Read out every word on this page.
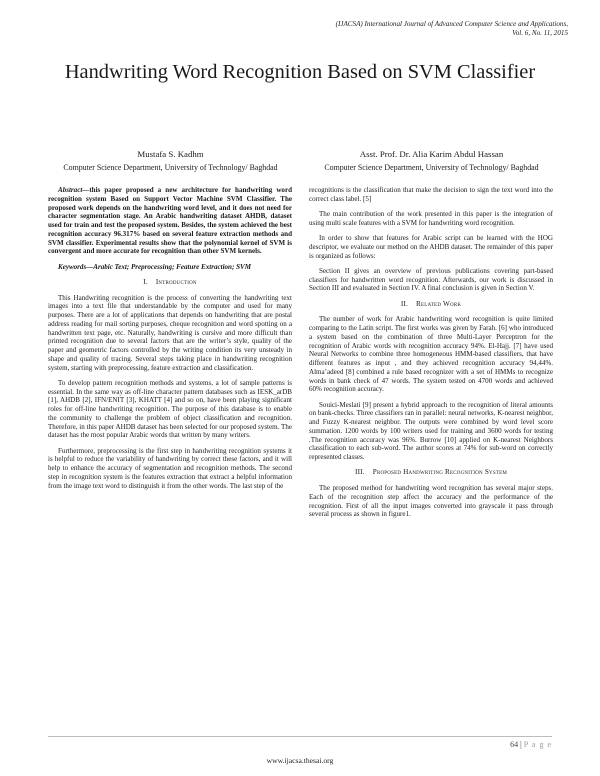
(IJACSA) International Journal of Advanced Computer Science and Applications,
Vol. 6, No. 11, 2015
Handwriting Word Recognition Based on SVM Classifier
Mustafa S. Kadhm
Computer Science Department, University of Technology/ Baghdad
Asst. Prof. Dr. Alia Karim Abdul Hassan
Computer Science Department, University of Technology/ Baghdad

Abstract—this paper proposed a new architecture for handwriting word recognition system Based on Support Vector Machine SVM Classifier. The proposed work depends on the handwriting word level, and it does not need for character segmentation stage. An Arabic handwriting dataset AHDB, dataset used for train and test the proposed system. Besides, the system achieved the best recognition accuracy 96.317% based on several feature extraction methods and SVM classifier. Experimental results show that the polynomial kernel of SVM is convergent and more accurate for recognition than other SVM kernels.

Keywords—Arabic Text; Preprocessing; Feature Extraction; SVM

I. Introduction

This Handwriting recognition is the process of converting the handwriting text images into a text file that understandable by the computer and used for many purposes. There are a lot of applications that depends on handwriting that are postal address reading for mail sorting purposes, cheque recognition and word spotting on a handwritten text page, etc. Naturally, handwriting is cursive and more difficult than printed recognition due to several factors that are the writer’s style, quality of the paper and geometric factors controlled by the writing condition its very unsteady in shape and quality of tracing. Several steps taking place in handwriting recognition system, starting with preprocessing, feature extraction and classification.

To develop pattern recognition methods and systems, a lot of sample patterns is essential. In the same way as off-line character pattern databases such as IESK_arDB [1], AHDB [2], IFN/ENIT [3], KHATT [4] and so on, have been playing significant roles for off-line handwriting recognition. The purpose of this database is to enable the community to challenge the problem of object classification and recognition. Therefore, in this paper AHDB dataset has been selected for our proposed system. The dataset has the most popular Arabic words that written by many writers.

Furthermore, preprocessing is the first step in handwriting recognition systems it is helpful to reduce the variability of handwriting by correct these factors, and it will help to enhance the accuracy of segmentation and recognition methods. The second step in recognition system is the features extraction that extract a helpful information from the image text word to distinguish it from the other words. The last step of the

recognitions is the classification that make the decision to sign the text word into the correct class label. [5]

The main contribution of the work presented in this paper is the integration of using multi scale features with a SVM for handwriting word recognition.

In order to show that features for Arabic script can be learned with the HOG descriptor, we evaluate our method on the AHDB dataset. The remainder of this paper is organized as follows:

Section II gives an overview of previous publications covering part-based classifiers for handwritten word recognition. Afterwards, our work is discussed in Section III and evaluated in Section IV. A final conclusion is given in Section V.

II. Related Work

The number of work for Arabic handwriting word recognition is quite limited comparing to the Latin script. The first works was given by Farah. [6] who introduced a system based on the combination of three Multi-Layer Perceptron for the recognition of Arabic words with recognition accuracy 94%. El-Hajj. [7] have used Neural Networks to combine three homogeneous HMM-based classifiers, that have different features as input , and they achieved recognition accuracy 94,44%. Alma’adeed [8] combined a rule based recognizer with a set of HMMs to recognize words in bank check of 47 words. The system tested on 4700 words and achieved 60% recognition accuracy.

Souici-Meslati [9] present a hybrid approach to the recognition of literal amounts on bank-checks. Three classifiers ran in parallel: neural networks, K-nearest neighbor, and Fuzzy K-nearest neighbor. The outputs were combined by word level score summation. 1200 words by 100 writers used for training and 3600 words for testing .The recognition accuracy was 96%. Burrow [10] applied on K-nearest Neighbors classification to each sub-word. The author scores at 74% for sub-word on correctly represented classes.

III. Proposed Handwriting Recognition System

The proposed method for handwriting word recognition has several major steps. Each of the recognition step affect the accuracy and the performance of the recognition. First of all the input images converted into grayscale it pass through several process as shown in figure1.

64 | P a g e
www.ijacsa.thesai.org
